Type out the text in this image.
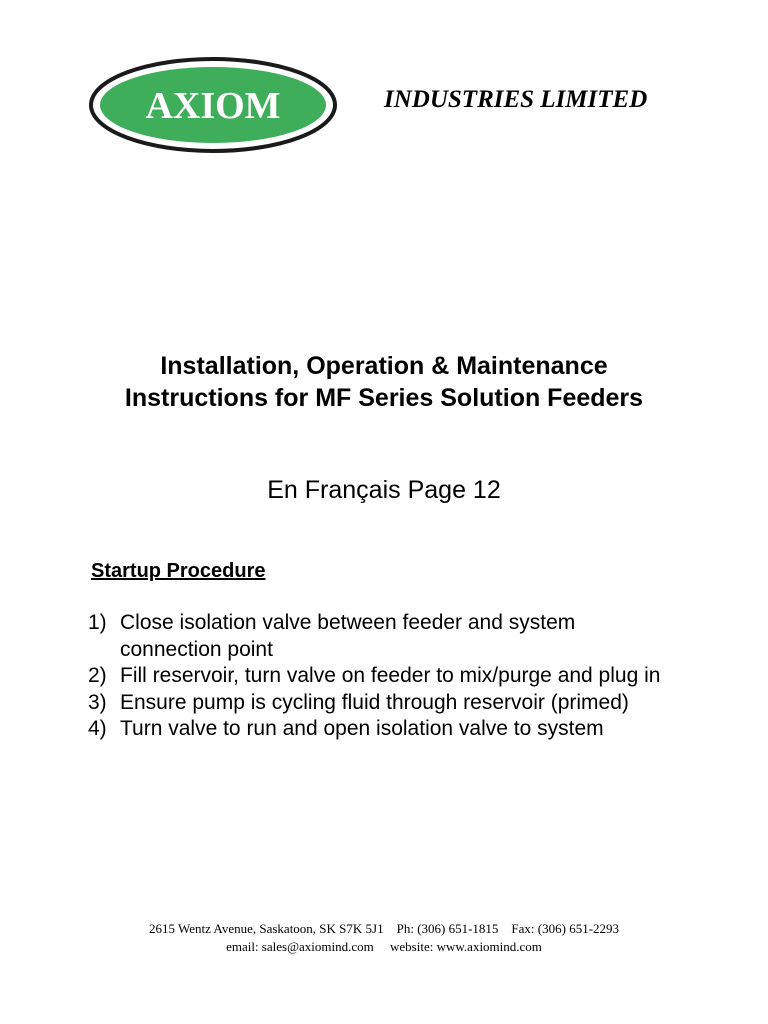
AXIOM	INDUSTRIES LIMITED
Installation, Operation & Maintenance
Instructions for MF Series Solution Feeders
En Français Page 12
Startup Procedure
1) Close isolation valve between feeder and system connection point
2) Fill reservoir, turn valve on feeder to mix/purge and plug in
3) Ensure pump is cycling fluid through reservoir (primed)
4) Turn valve to run and open isolation valve to system
2615 Wentz Avenue, Saskatoon, SK S7K 5J1    Ph: (306) 651-1815    Fax: (306) 651-2293
email: sales@axiomind.com     website: www.axiomind.com
